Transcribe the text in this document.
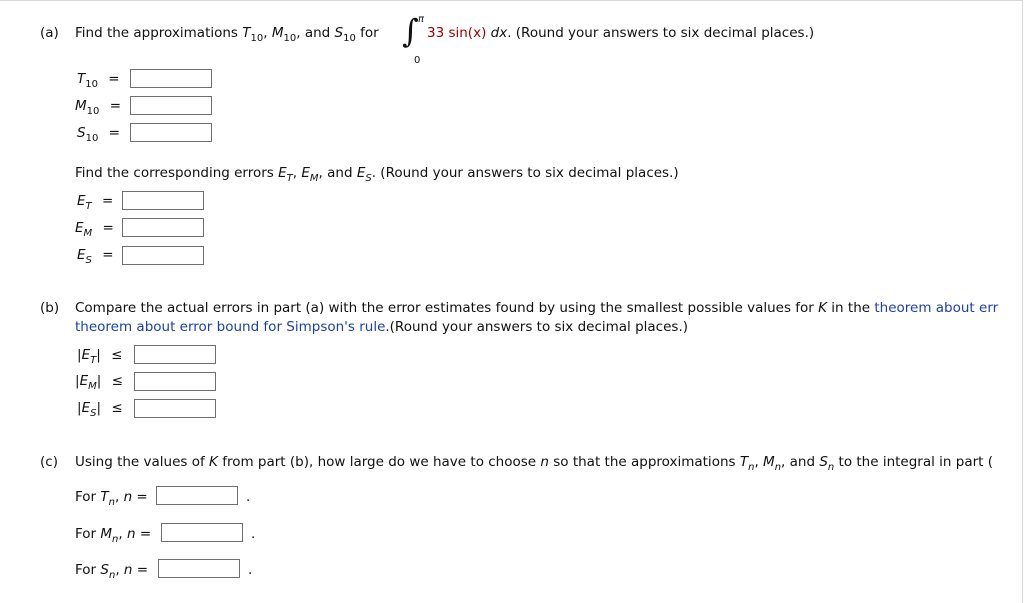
(a) Find the approximations $T_{10}$, $M_{10}$, and $S_{10}$ for ∫ π
0
33 sin(x) dx. (Round your answers to six decimal places.)
$T_{10}$ =
$M_{10}$ =
$S_{10}$ =
Find the corresponding errors $E_T$, $E_M$, and $E_S$. (Round your answers to six decimal places.)
$E_T$ =
$E_M$ =
$E_S$ =
(b) Compare the actual errors in part (a) with the error estimates found by using the smallest possible values for K in the theorem about err
theorem about error bound for Simpson's rule.(Round your answers to six decimal places.)
$|E_T|$ ≤
$|E_M|$ ≤
$|E_S|$ ≤
(c) Using the values of K from part (b), how large do we have to choose n so that the approximations $T_n$, $M_n$, and $S_n$ to the integral in part (
For $T_n$, n =	.
For $M_n$, n =	.
For $S_n$, n =	.
